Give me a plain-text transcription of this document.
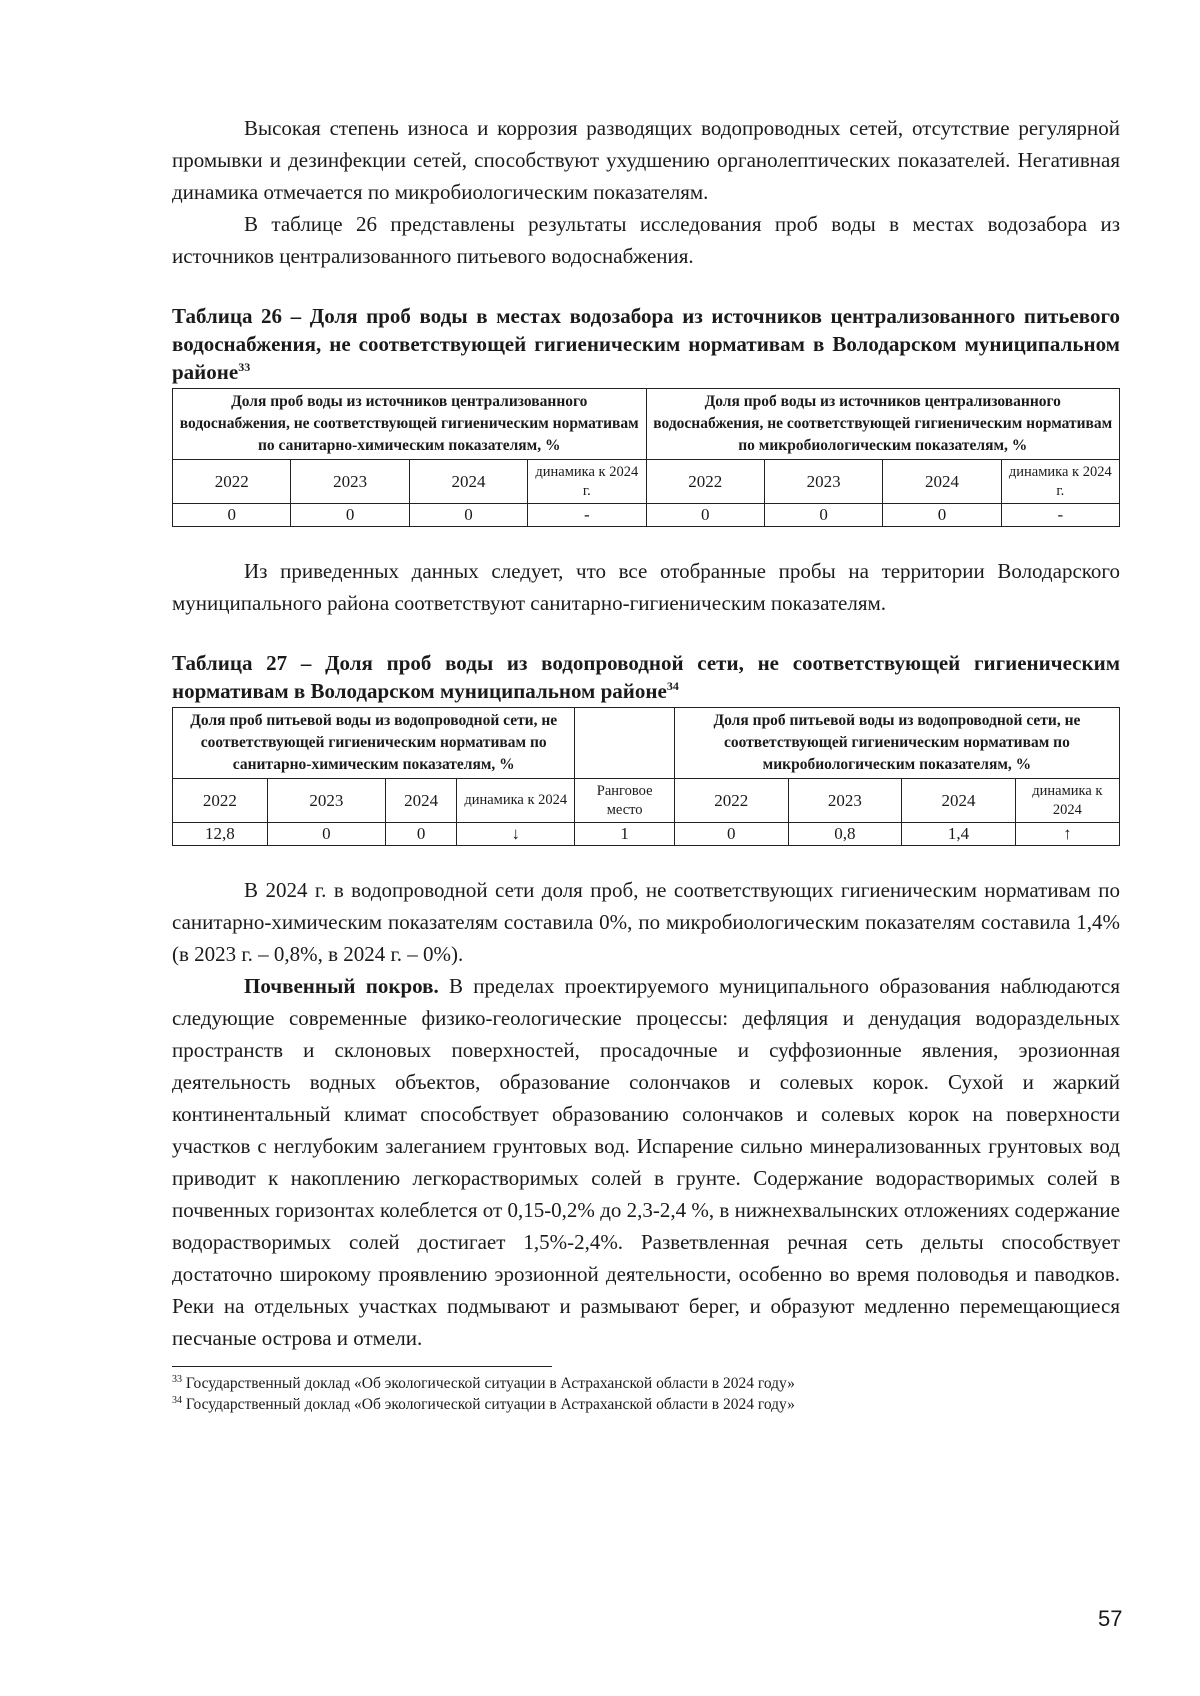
Высокая степень износа и коррозия разводящих водопроводных сетей, отсутствие регулярной промывки и дезинфекции сетей, способствуют ухудшению органолептических показателей. Негативная динамика отмечается по микробиологическим показателям.

В таблице 26 представлены результаты исследования проб воды в местах водозабора из источников централизованного питьевого водоснабжения.

Таблица 26 – Доля проб воды в местах водозабора из источников централизованного питьевого водоснабжения, не соответствующей гигиеническим нормативам в Володарском муниципальном районе$^{33}$

Доля проб воды из источников централизованного водоснабжения, не соответствующей гигиеническим нормативам по санитарно-химическим показателям, %				Доля проб воды из источников централизованного водоснабжения, не соответствующей гигиеническим нормативам по микробиологическим показателям, %			
2022	2023	2024	динамика к 2024 г.	2022	2023	2024	динамика к 2024 г.
0	0	0	-	0	0	0	-

Из приведенных данных следует, что все отобранные пробы на территории Володарского муниципального района соответствуют санитарно-гигиеническим показателям.

Таблица 27 – Доля проб воды из водопроводной сети, не соответствующей гигиеническим нормативам в Володарском муниципальном районе$^{34}$

Доля проб питьевой воды из водопроводной сети, не соответствующей гигиеническим нормативам по санитарно-химическим показателям, %					Доля проб питьевой воды из водопроводной сети, не соответствующей гигиеническим нормативам по микробиологическим показателям, %			
2022	2023	2024	динамика к 2024	Ранговое место	2022	2023	2024	динамика к 2024
12,8	0	0	↓	1	0	0,8	1,4	↑

В 2024 г. в водопроводной сети доля проб, не соответствующих гигиеническим нормативам по санитарно-химическим показателям составила 0%, по микробиологическим показателям составила 1,4% (в 2023 г. – 0,8%, в 2024 г. – 0%).

Почвенный покров. В пределах проектируемого муниципального образования наблюдаются следующие современные физико-геологические процессы: дефляция и денудация водораздельных пространств и склоновых поверхностей, просадочные и суффозионные явления, эрозионная деятельность водных объектов, образование солончаков и солевых корок. Сухой и жаркий континентальный климат способствует образованию солончаков и солевых корок на поверхности участков с неглубоким залеганием грунтовых вод. Испарение сильно минерализованных грунтовых вод приводит к накоплению легкорастворимых солей в грунте. Содержание водорастворимых солей в почвенных горизонтах колеблется от 0,15-0,2% до 2,3-2,4 %, в нижнехвалынских отложениях содержание водорастворимых солей достигает 1,5%-2,4%. Разветвленная речная сеть дельты способствует достаточно широкому проявлению эрозионной деятельности, особенно во время половодья и паводков. Реки на отдельных участках подмывают и размывают берег, и образуют медленно перемещающиеся песчаные острова и отмели.

$^{33}$ Государственный доклад «Об экологической ситуации в Астраханской области в 2024 году»

$^{34}$ Государственный доклад «Об экологической ситуации в Астраханской области в 2024 году»

57
